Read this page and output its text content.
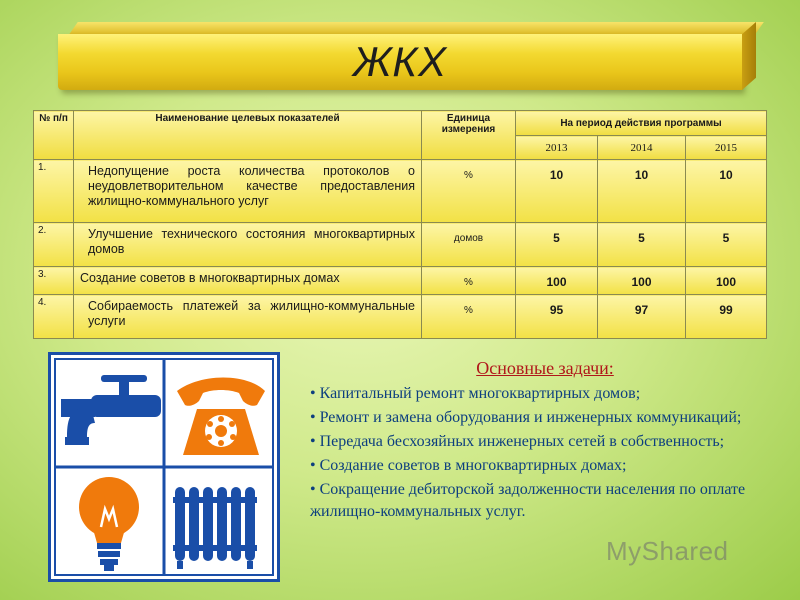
ЖКХ
№ п/п	Наименование целевых показателей	Единица измерения	На период действия программы		
			2013	2014	2015
1.	Недопущение роста количества протоколов о неудовлетворительном качестве предоставления жилищно-коммунального услуг	%	10	10	10
2.	Улучшение технического состояния многоквартирных домов	домов	5	5	5
3.	Создание советов в многоквартирных домах	%	100	100	100
4.	Собираемость платежей за жилищно-коммунальные услуги	%	95	97	99
Основные задачи:
• Капитальный ремонт многоквартирных домов;
• Ремонт и замена оборудования и инженерных коммуникаций;
• Передача бесхозяйных инженерных сетей в собственность;
• Создание советов в многоквартирных домах;
• Сокращение дебиторской задолженности населения по оплате жилищно-коммунальных услуг.
MyShared
